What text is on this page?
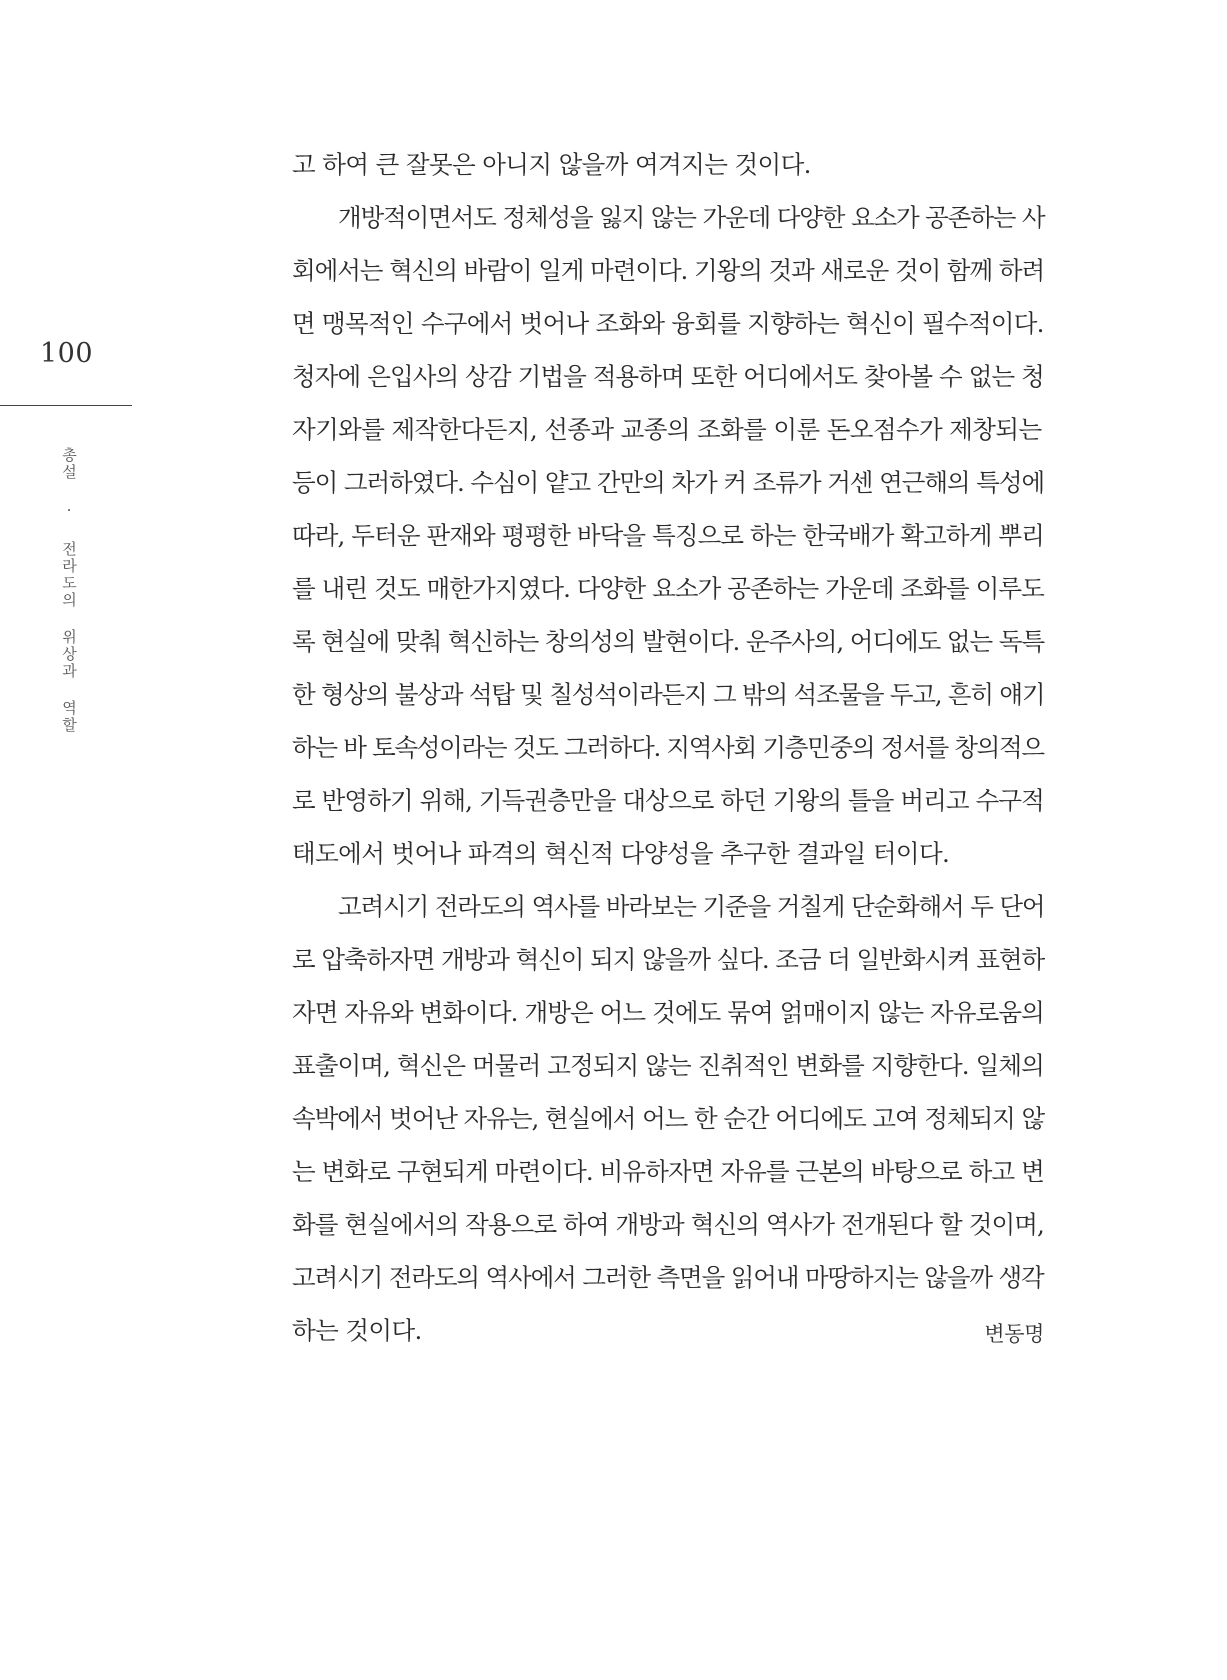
100
총설 · 전라도의 위상과 역할
고 하여 큰 잘못은 아니지 않을까 여겨지는 것이다.
개방적이면서도 정체성을 잃지 않는 가운데 다양한 요소가 공존하는 사
회에서는 혁신의 바람이 일게 마련이다. 기왕의 것과 새로운 것이 함께 하려
면 맹목적인 수구에서 벗어나 조화와 융회를 지향하는 혁신이 필수적이다.
청자에 은입사의 상감 기법을 적용하며 또한 어디에서도 찾아볼 수 없는 청
자기와를 제작한다든지, 선종과 교종의 조화를 이룬 돈오점수가 제창되는
등이 그러하였다. 수심이 얕고 간만의 차가 커 조류가 거센 연근해의 특성에
따라, 두터운 판재와 평평한 바닥을 특징으로 하는 한국배가 확고하게 뿌리
를 내린 것도 매한가지였다. 다양한 요소가 공존하는 가운데 조화를 이루도
록 현실에 맞춰 혁신하는 창의성의 발현이다. 운주사의, 어디에도 없는 독특
한 형상의 불상과 석탑 및 칠성석이라든지 그 밖의 석조물을 두고, 흔히 얘기
하는 바 토속성이라는 것도 그러하다. 지역사회 기층민중의 정서를 창의적으
로 반영하기 위해, 기득권층만을 대상으로 하던 기왕의 틀을 버리고 수구적
태도에서 벗어나 파격의 혁신적 다양성을 추구한 결과일 터이다.
고려시기 전라도의 역사를 바라보는 기준을 거칠게 단순화해서 두 단어
로 압축하자면 개방과 혁신이 되지 않을까 싶다. 조금 더 일반화시켜 표현하
자면 자유와 변화이다. 개방은 어느 것에도 묶여 얽매이지 않는 자유로움의
표출이며, 혁신은 머물러 고정되지 않는 진취적인 변화를 지향한다. 일체의
속박에서 벗어난 자유는, 현실에서 어느 한 순간 어디에도 고여 정체되지 않
는 변화로 구현되게 마련이다. 비유하자면 자유를 근본의 바탕으로 하고 변
화를 현실에서의 작용으로 하여 개방과 혁신의 역사가 전개된다 할 것이며,
고려시기 전라도의 역사에서 그러한 측면을 읽어내 마땅하지는 않을까 생각
하는 것이다.	변동명
